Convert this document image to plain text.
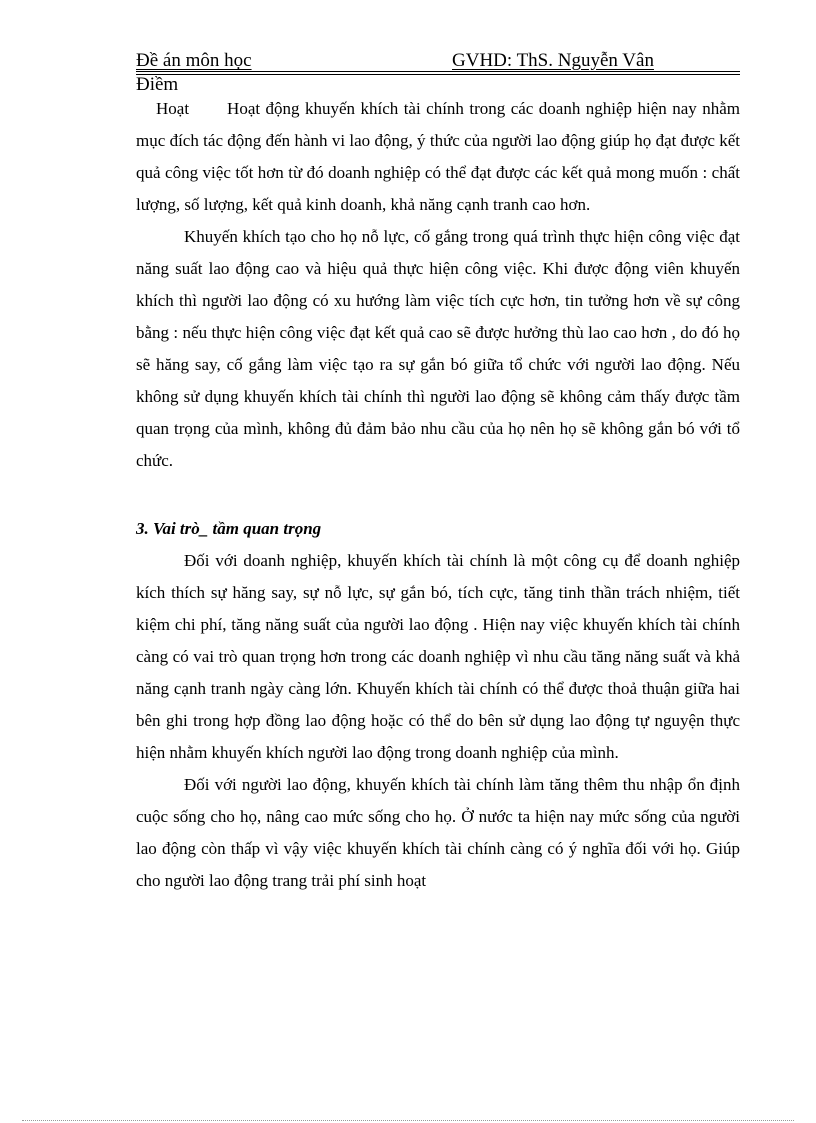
Đề án môn học	GVHD: ThS. Nguyễn Vân
Điềm

Hoạt Hoạt động khuyến khích tài chính trong các doanh nghiệp hiện nay nhằm mục đích tác động đến hành vi lao động, ý thức của người lao động giúp họ đạt được kết quả công việc tốt hơn từ đó doanh nghiệp có thể đạt được các kết quả mong muốn : chất lượng, số lượng, kết quả kinh doanh, khả năng cạnh tranh cao hơn.

Khuyến khích tạo cho họ nỗ lực, cố gắng trong quá trình thực hiện công việc đạt năng suất lao động cao và hiệu quả thực hiện công việc. Khi được động viên khuyến khích thì người lao động có xu hướng làm việc tích cực hơn, tin tưởng hơn về sự công bằng : nếu thực hiện công việc đạt kết quả cao sẽ được hưởng thù lao cao hơn , do đó họ sẽ hăng say, cố gắng làm việc tạo ra sự gắn bó giữa tổ chức với người lao động. Nếu không sử dụng khuyến khích tài chính thì người lao động sẽ không cảm thấy được tầm quan trọng của mình, không đủ đảm bảo nhu cầu của họ nên họ sẽ không gắn bó với tổ chức.

3. Vai trò_ tầm quan trọng

Đối với doanh nghiệp, khuyến khích tài chính là một công cụ để doanh nghiệp kích thích sự hăng say, sự nỗ lực, sự gắn bó, tích cực, tăng tinh thần trách nhiệm, tiết kiệm chi phí, tăng năng suất của người lao động . Hiện nay việc khuyến khích tài chính càng có vai trò quan trọng hơn trong các doanh nghiệp vì nhu cầu tăng năng suất và khả năng cạnh tranh ngày càng lớn. Khuyến khích tài chính có thể được thoả thuận giữa hai bên ghi trong hợp đồng lao động hoặc có thể do bên sử dụng lao động tự nguyện thực hiện nhằm khuyến khích người lao động trong doanh nghiệp của mình.

Đối với người lao động, khuyến khích tài chính làm tăng thêm thu nhập ổn định cuộc sống cho họ, nâng cao mức sống cho họ. Ở nước ta hiện nay mức sống của người lao động còn thấp vì vậy việc khuyến khích tài chính càng có ý nghĩa đối với họ. Giúp cho người lao động trang trải phí sinh hoạt
